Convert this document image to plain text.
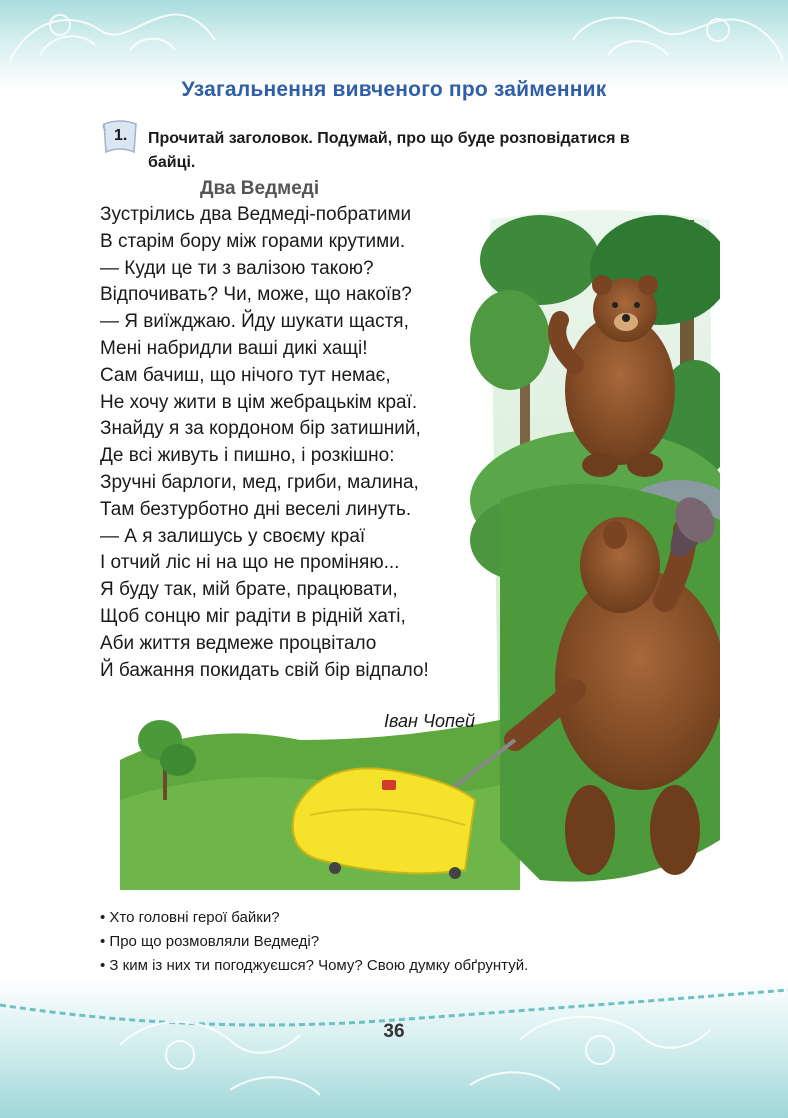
Узагальнення вивченого про займенник
1. Прочитай заголовок. Подумай, про що буде розповідатися в
байці.
Два Ведмеді
Зустрілись два Ведмеді-побратими
В старім бору між горами крутими.
— Куди це ти з валізою такою?
Відпочивать? Чи, може, що накоїв?
— Я виїжджаю. Йду шукати щастя,
Мені набридли ваші дикі хащі!
Сам бачиш, що нічого тут немає,
Не хочу жити в цім жебрацькім краї.
Знайду я за кордоном бір затишний,
Де всі живуть і пишно, і розкішно:
Зручні барлоги, мед, гриби, малина,
Там безтурботно дні веселі линуть.
— А я залишусь у своєму краї
І отчий ліс ні на що не проміняю...
Я буду так, мій брате, працювати,
Щоб сонцю міг радіти в рідній хаті,
Аби життя ведмеже процвітало
Й бажання покидать свій бір відпало!
Іван Чопей
• Хто головні герої байки?
• Про що розмовляли Ведмеді?
• З ким із них ти погоджуєшся? Чому? Свою думку обґрунтуй.
36
